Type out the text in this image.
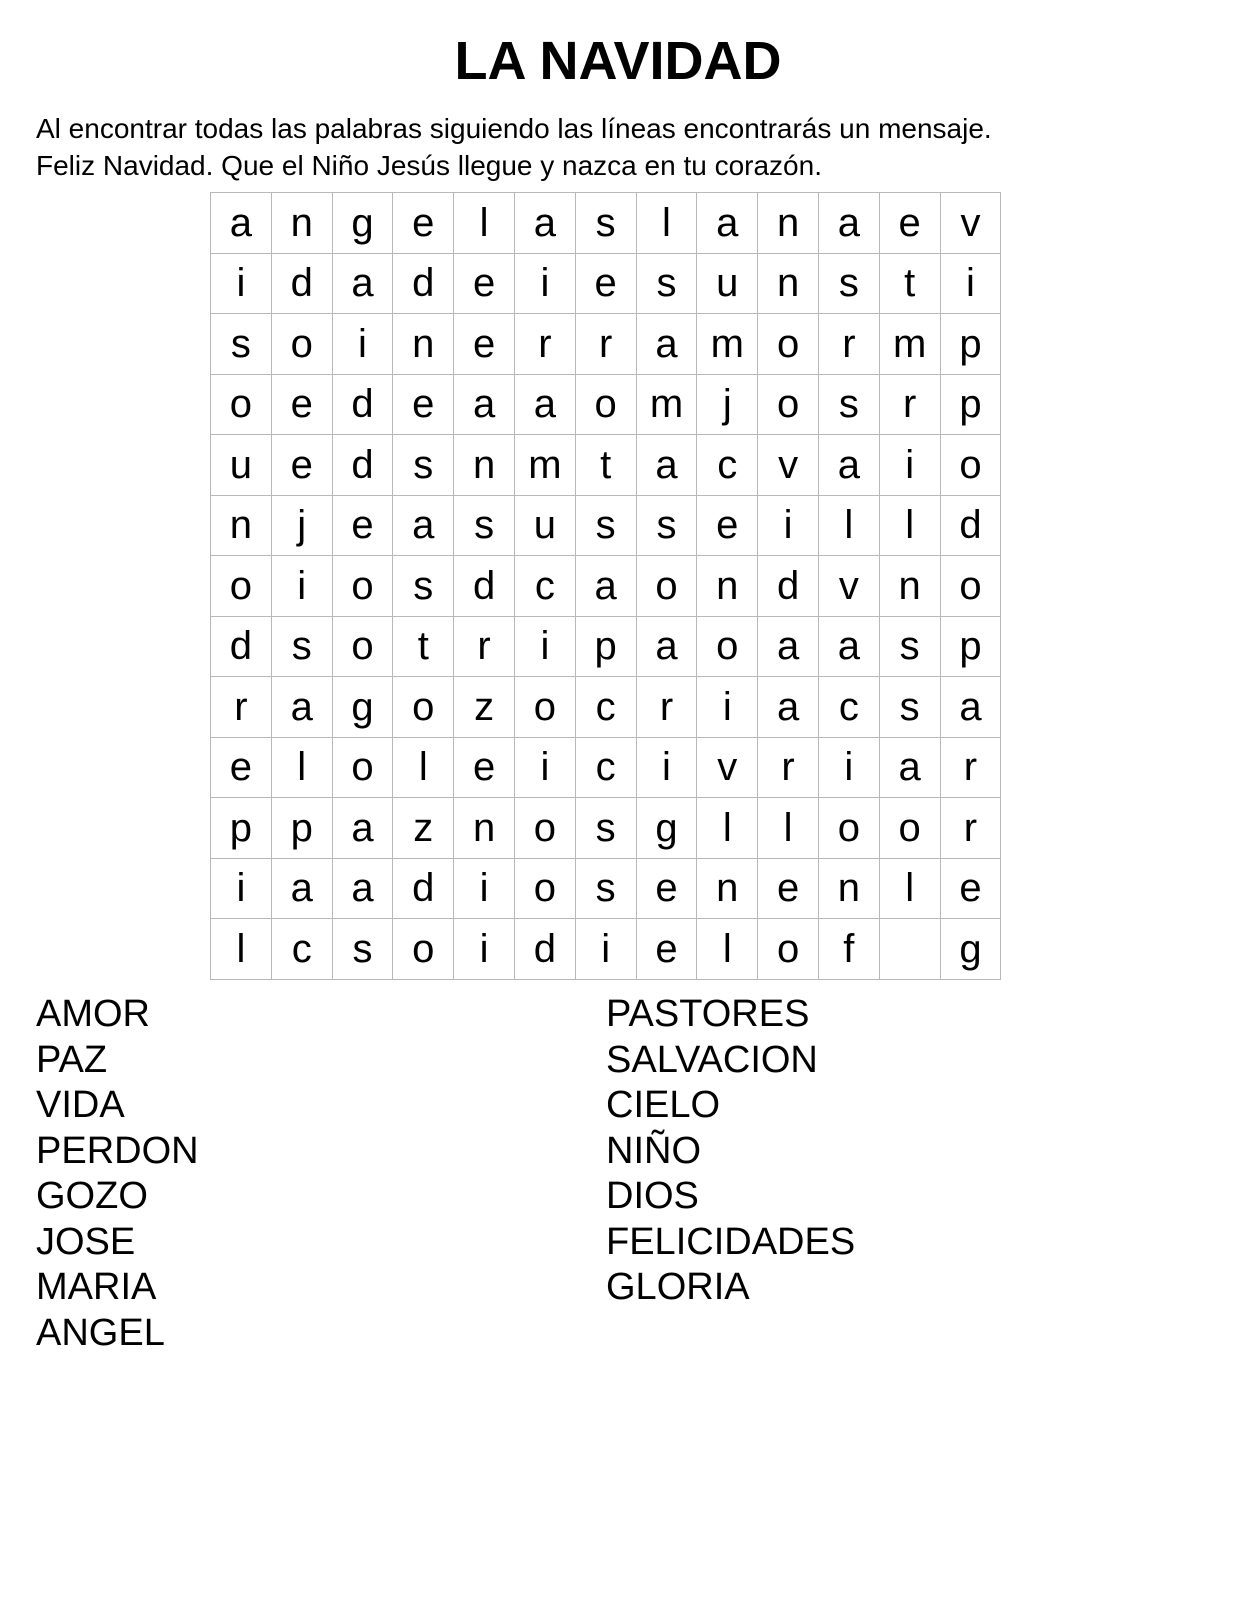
LA NAVIDAD
Al encontrar todas las palabras siguiendo las líneas encontrarás un mensaje.
Feliz Navidad. Que el Niño Jesús llegue y nazca en tu corazón.
a	n	g	e	l	a	s	l	a	n	a	e	v
i	d	a	d	e	i	e	s	u	n	s	t	i
s	o	i	n	e	r	r	a	m	o	r	m	p
o	e	d	e	a	a	o	m	j	o	s	r	p
u	e	d	s	n	m	t	a	c	v	a	i	o
n	j	e	a	s	u	s	s	e	i	l	l	d
o	i	o	s	d	c	a	o	n	d	v	n	o
d	s	o	t	r	i	p	a	o	a	a	s	p
r	a	g	o	z	o	c	r	i	a	c	s	a
e	l	o	l	e	i	c	i	v	r	i	a	r
p	p	a	z	n	o	s	g	l	l	o	o	r
i	a	a	d	i	o	s	e	n	e	n	l	e
l	c	s	o	i	d	i	e	l	o	f		g
AMOR
PAZ
VIDA
PERDON
GOZO
JOSE
MARIA
ANGEL
PASTORES
SALVACION
CIELO
NIÑO
DIOS
FELICIDADES
GLORIA
